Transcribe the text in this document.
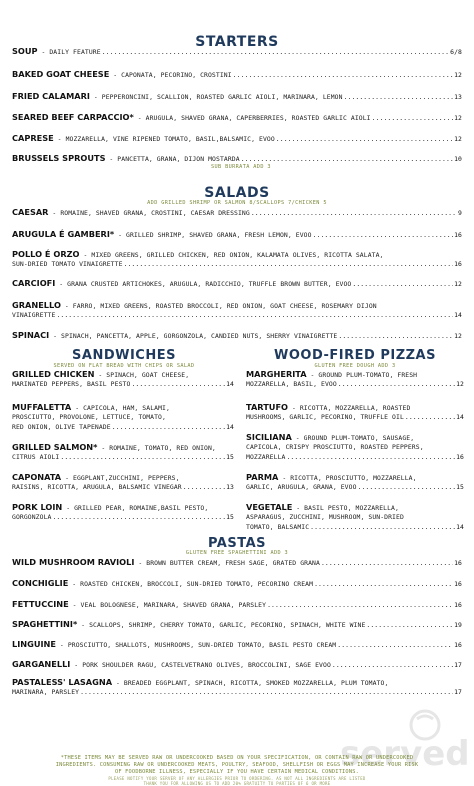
STARTERS
SOUP - DAILY FEATURE .....	6/8
BAKED GOAT CHEESE - CAPONATA, PECORINO, CROSTINI .....	12
FRIED CALAMARI - PEPPERONCINI, SCALLION, ROASTED GARLIC AIOLI, MARINARA, LEMON .....	13
SEARED BEEF CARPACCIO* - ARUGULA, SHAVED GRANA, CAPERBERRIES, ROASTED GARLIC AIOLI .....	12
CAPRESE - MOZZARELLA, VINE RIPENED TOMATO, BASIL,BALSAMIC, EVOO .....	12
BRUSSELS SPROUTS - PANCETTA, GRANA, DIJON MOSTARDA .....	10
SUB BURRATA ADD 3
SALADS
ADD GRILLED SHRIMP OR SALMON 8/SCALLOPS 7/CHICKEN 5
CAESAR - ROMAINE, SHAVED GRANA, CROSTINI, CAESAR DRESSING .....	9
ARUGULA É GAMBERI* - GRILLED SHRIMP, SHAVED GRANA, FRESH LEMON, EVOO .....	16
POLLO É ORZO - MIXED GREENS, GRILLED CHICKEN, RED ONION, KALAMATA OLIVES, RICOTTA SALATA,
SUN-DRIED TOMATO VINAIGRETTE .....	16
CARCIOFI - GRANA CRUSTED ARTICHOKES, ARUGULA, RADICCHIO, TRUFFLE BROWN BUTTER, EVOO .....	12
GRANELLO - FARRO, MIXED GREENS, ROASTED BROCCOLI, RED ONION, GOAT CHEESE, ROSEMARY DIJON
VINAIGRETTE .....	14
SPINACI - SPINACH, PANCETTA, APPLE, GORGONZOLA, CANDIED NUTS, SHERRY VINAIGRETTE .....	12
SANDWICHES
SERVED ON FLAT BREAD WITH CHIPS OR SALAD
GRILLED CHICKEN - SPINACH, GOAT CHEESE,
MARINATED PEPPERS, BASIL PESTO .....	14
MUFFALETTA - CAPICOLA, HAM, SALAMI,
PROSCIUTTO, PROVOLONE, LETTUCE, TOMATO,
RED ONION, OLIVE TAPENADE .....	14
GRILLED SALMON* - ROMAINE, TOMATO, RED ONION,
CITRUS AIOLI .....	15
CAPONATA - EGGPLANT,ZUCCHINI, PEPPERS,
RAISINS, RICOTTA, ARUGULA, BALSAMIC VINEGAR .....	13
PORK LOIN - GRILLED PEAR, ROMAINE,BASIL PESTO,
GORGONZOLA .....	15
WOOD-FIRED PIZZAS
GLUTEN FREE DOUGH ADD 3
MARGHERITA - GROUND PLUM-TOMATO, FRESH
MOZZARELLA, BASIL, EVOO .....	12
TARTUFO - RICOTTA, MOZZARELLA, ROASTED
MUSHROOMS, GARLIC, PECORINO, TRUFFLE OIL .....	14
SICILIANA - GROUND PLUM-TOMATO, SAUSAGE,
CAPICOLA, CRISPY PROSCIUTTO, ROASTED PEPPERS,
MOZZARELLA .....	16
PARMA - RICOTTA, PROSCIUTTO, MOZZARELLA,
GARLIC, ARUGULA, GRANA, EVOO .....	15
VEGETALE - BASIL PESTO, MOZZARELLA,
ASPARAGUS, ZUCCHINI, MUSHROOM, SUN-DRIED
TOMATO, BALSAMIC .....	14
PASTAS
GLUTEN FREE SPAGHETTINI ADD 3
WILD MUSHROOM RAVIOLI - BROWN BUTTER CREAM, FRESH SAGE, GRATED GRANA .....	16
CONCHIGLIE - ROASTED CHICKEN, BROCCOLI, SUN-DRIED TOMATO, PECORINO CREAM .....	16
FETTUCCINE - VEAL BOLOGNESE, MARINARA, SHAVED GRANA, PARSLEY .....	16
SPAGHETTINI* - SCALLOPS, SHRIMP, CHERRY TOMATO, GARLIC, PECORINO, SPINACH, WHITE WINE .....	19
LINGUINE - PROSCIUTTO, SHALLOTS, MUSHROOMS, SUN-DRIED TOMATO, BASIL PESTO CREAM .....	16
GARGANELLI - PORK SHOULDER RAGU, CASTELVETRANO OLIVES, BROCCOLINI, SAGE EVOO .....	17
PASTALESS' LASAGNA - BREADED EGGPLANT, SPINACH, RICOTTA, SMOKED MOZZARELLA, PLUM TOMATO,
MARINARA, PARSLEY .....	17
served
*THESE ITEMS MAY BE SERVED RAW OR UNDERCOOKED BASED ON YOUR SPECIFICATION, OR CONTAIN RAW OR UNDERCOOKED
INGREDIENTS. CONSUMING RAW OR UNDERCOOKED MEATS, POULTRY, SEAFOOD, SHELLFISH OR EGGS MAY INCREASE YOUR RISK
OF FOODBORNE ILLNESS, ESPECIALLY IF YOU HAVE CERTAIN MEDICAL CONDITIONS.
PLEASE NOTIFY YOUR SERVER OF ANY ALLERGIES PRIOR TO ORDERING. AS NOT ALL INGREDIENTS ARE LISTED
THANK YOU FOR ALLOWING US TO ADD 20% GRATUITY TO PARTIES OF 6 OR MORE
